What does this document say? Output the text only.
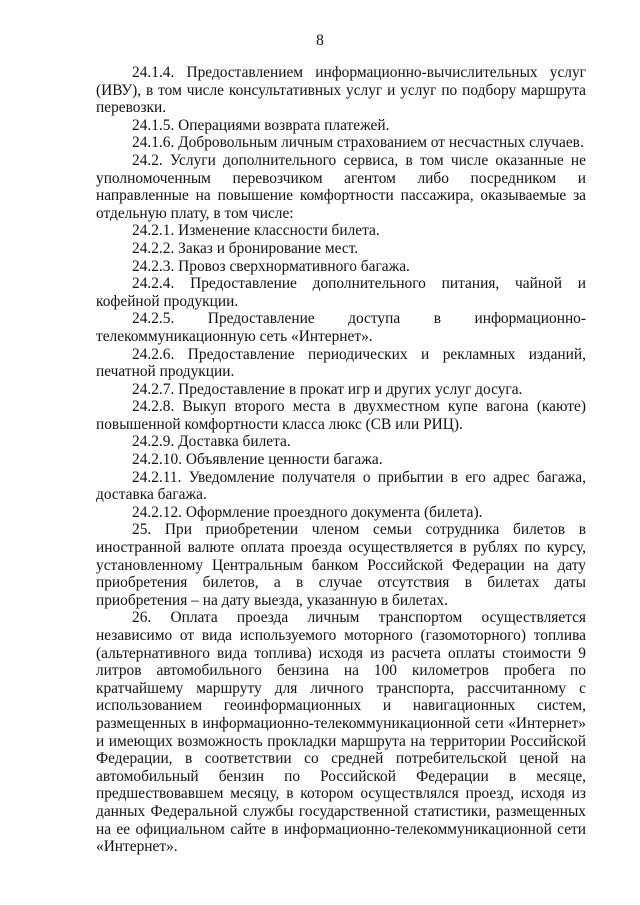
8

24.1.4. Предоставлением информационно-вычислительных услуг (ИВУ), в том числе консультативных услуг и услуг по подбору маршрута перевозки.

24.1.5. Операциями возврата платежей.

24.1.6. Добровольным личным страхованием от несчастных случаев.

24.2. Услуги дополнительного сервиса, в том числе оказанные не уполномоченным перевозчиком агентом либо посредником и направленные на повышение комфортности пассажира, оказываемые за отдельную плату, в том числе:

24.2.1. Изменение классности билета.

24.2.2. Заказ и бронирование мест.

24.2.3. Провоз сверхнормативного багажа.

24.2.4. Предоставление дополнительного питания, чайной и кофейной продукции.

24.2.5. Предоставление доступа в информационно-телекоммуникационную сеть «Интернет».

24.2.6. Предоставление периодических и рекламных изданий, печатной продукции.

24.2.7. Предоставление в прокат игр и других услуг досуга.

24.2.8. Выкуп второго места в двухместном купе вагона (каюте) повышенной комфортности класса люкс (СВ или РИЦ).

24.2.9. Доставка билета.

24.2.10. Объявление ценности багажа.

24.2.11. Уведомление получателя о прибытии в его адрес багажа, доставка багажа.

24.2.12. Оформление проездного документа (билета).

25. При приобретении членом семьи сотрудника билетов в иностранной валюте оплата проезда осуществляется в рублях по курсу, установленному Центральным банком Российской Федерации на дату приобретения билетов, а в случае отсутствия в билетах даты приобретения – на дату выезда, указанную в билетах.

26. Оплата проезда личным транспортом осуществляется независимо от вида используемого моторного (газомоторного) топлива (альтернативного вида топлива) исходя из расчета оплаты стоимости 9 литров автомобильного бензина на 100 километров пробега по кратчайшему маршруту для личного транспорта, рассчитанному с использованием геоинформационных и навигационных систем, размещенных в информационно-телекоммуникационной сети «Интернет» и имеющих возможность прокладки маршрута на территории Российской Федерации, в соответствии со средней потребительской ценой на автомобильный бензин по Российской Федерации в месяце, предшествовавшем месяцу, в котором осуществлялся проезд, исходя из данных Федеральной службы государственной статистики, размещенных на ее официальном сайте в информационно-телекоммуникационной сети «Интернет».
